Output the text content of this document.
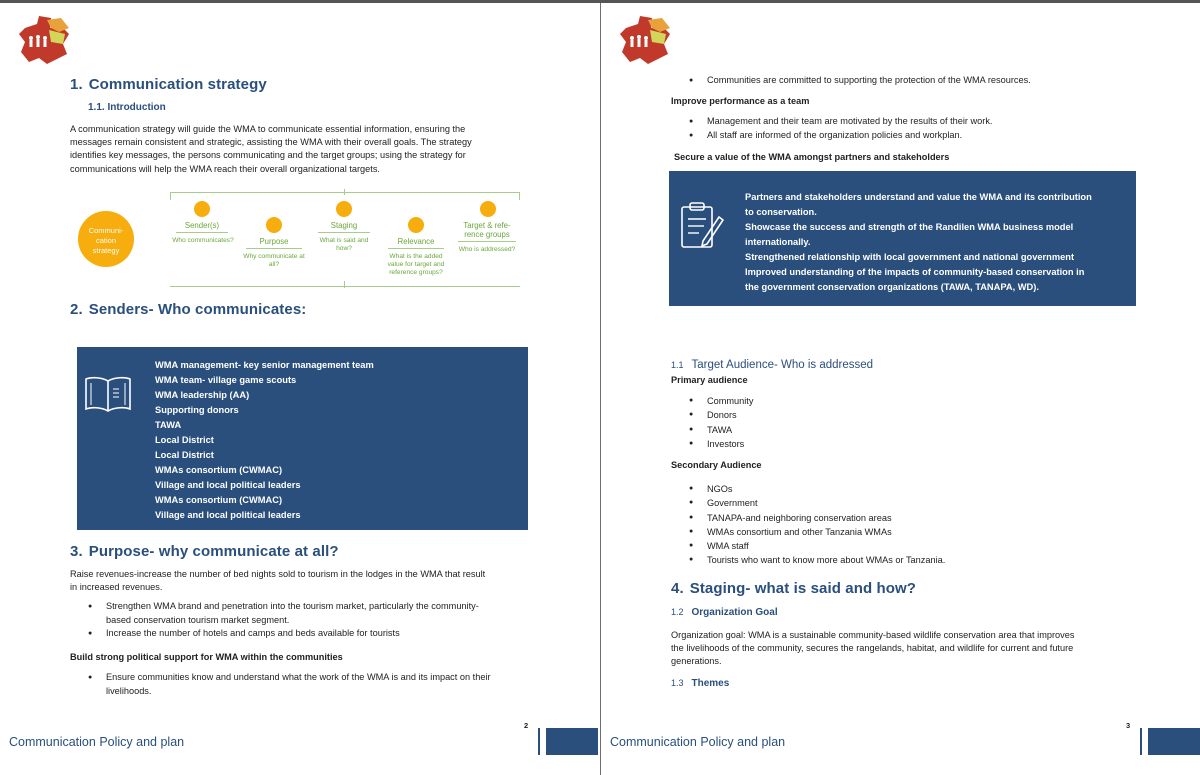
1. Communication strategy
1.1. Introduction
A communication strategy will guide the WMA to communicate essential information, ensuring the
messages remain consistent and strategic, assisting the WMA with their overall goals. The strategy
identifies key messages, the persons communicating and the target groups; using the strategy for
communications will help the WMA reach their overall organizational targets.
Communi-
cation
strategy
Sender(s)
Who communicates?	Purpose
Why communicate at
all?
Staging
What is said and
how?
Relevance
What is the added
value for target and
reference groups?
Target & refe-
rence groups
Who is addressed?
2. Senders- Who communicates:
WMA management- key senior management team
WMA team- village game scouts
WMA leadership (AA)
Supporting donors
TAWA
Local District
Local District
WMAs consortium (CWMAC)
Village and local political leaders
WMAs consortium (CWMAC)
Village and local political leaders
3. Purpose- why communicate at all?
Raise revenues-increase the number of bed nights sold to tourism in the lodges in the WMA that result
in increased revenues.
● Strengthen WMA brand and penetration into the tourism market, particularly the community-
based conservation tourism market segment.
● Increase the number of hotels and camps and beds available for tourists
Build strong political support for WMA within the communities
● Ensure communities know and understand what the work of the WMA is and its impact on their
livelihoods.
2
Communication Policy and plan
● Communities are committed to supporting the protection of the WMA resources.
Improve performance as a team
● Management and their team are motivated by the results of their work.
● All staff are informed of the organization policies and workplan.
Secure a value of the WMA amongst partners and stakeholders
Partners and stakeholders understand and value the WMA and its contribution
to conservation.
Showcase the success and strength of the Randilen WMA business model
internationally.
Strengthened relationship with local government and national government
Improved understanding of the impacts of community-based conservation in
the government conservation organizations (TAWA, TANAPA, WD).
1.1 Target Audience- Who is addressed
Primary audience
● Community
● Donors
● TAWA
● Investors
Secondary Audience
● NGOs
● Government
● TANAPA-and neighboring conservation areas
● WMAs consortium and other Tanzania WMAs
● WMA staff
● Tourists who want to know more about WMAs or Tanzania.
4. Staging- what is said and how?
1.2 Organization Goal
Organization goal: WMA is a sustainable community-based wildlife conservation area that improves
the livelihoods of the community, secures the rangelands, habitat, and wildlife for current and future
generations.
1.3 Themes
3
Communication Policy and plan
